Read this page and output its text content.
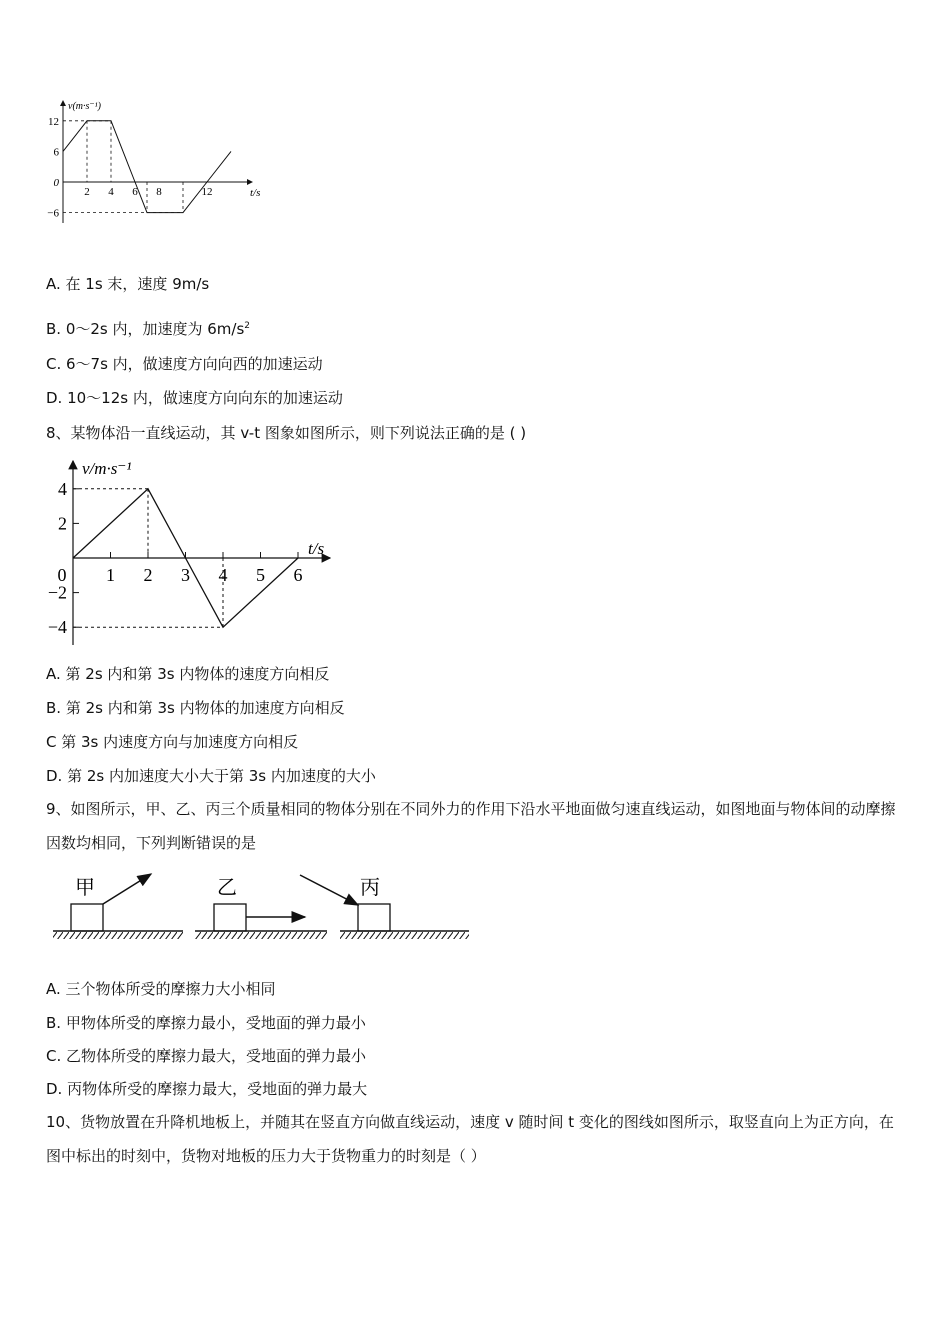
v(m·s⁻¹)
t/s
12
6
0
−6
2 4 6 8	12
A. 在 1s 末，速度 9m/s
B. 0～2s 内，加速度为 $6m/s^2$
C. 6～7s 内，做速度方向向西的加速运动
D. 10～12s 内，做速度方向向东的加速运动
8、某物体沿一直线运动，其 v-t 图象如图所示，则下列说法正确的是 ( )
v/m·s⁻¹
t/s
4
2
−2
−4
0 1 2 3 4 5 6
A. 第 2s 内和第 3s 内物体的速度方向相反
B. 第 2s 内和第 3s 内物体的加速度方向相反
C 第 3s 内速度方向与加速度方向相反
D. 第 2s 内加速度大小大于第 3s 内加速度的大小
9、如图所示，甲、乙、丙三个质量相同的物体分别在不同外力的作用下沿水平地面做匀速直线运动，如图地面与物体间的动摩擦因数均相同，下列判断错误的是
甲	乙	丙
A. 三个物体所受的摩擦力大小相同
B. 甲物体所受的摩擦力最小，受地面的弹力最小
C. 乙物体所受的摩擦力最大，受地面的弹力最小
D. 丙物体所受的摩擦力最大，受地面的弹力最大
10、货物放置在升降机地板上，并随其在竖直方向做直线运动，速度 v 随时间 t 变化的图线如图所示，取竖直向上为正方向，在图中标出的时刻中，货物对地板的压力大于货物重力的时刻是（ ）
